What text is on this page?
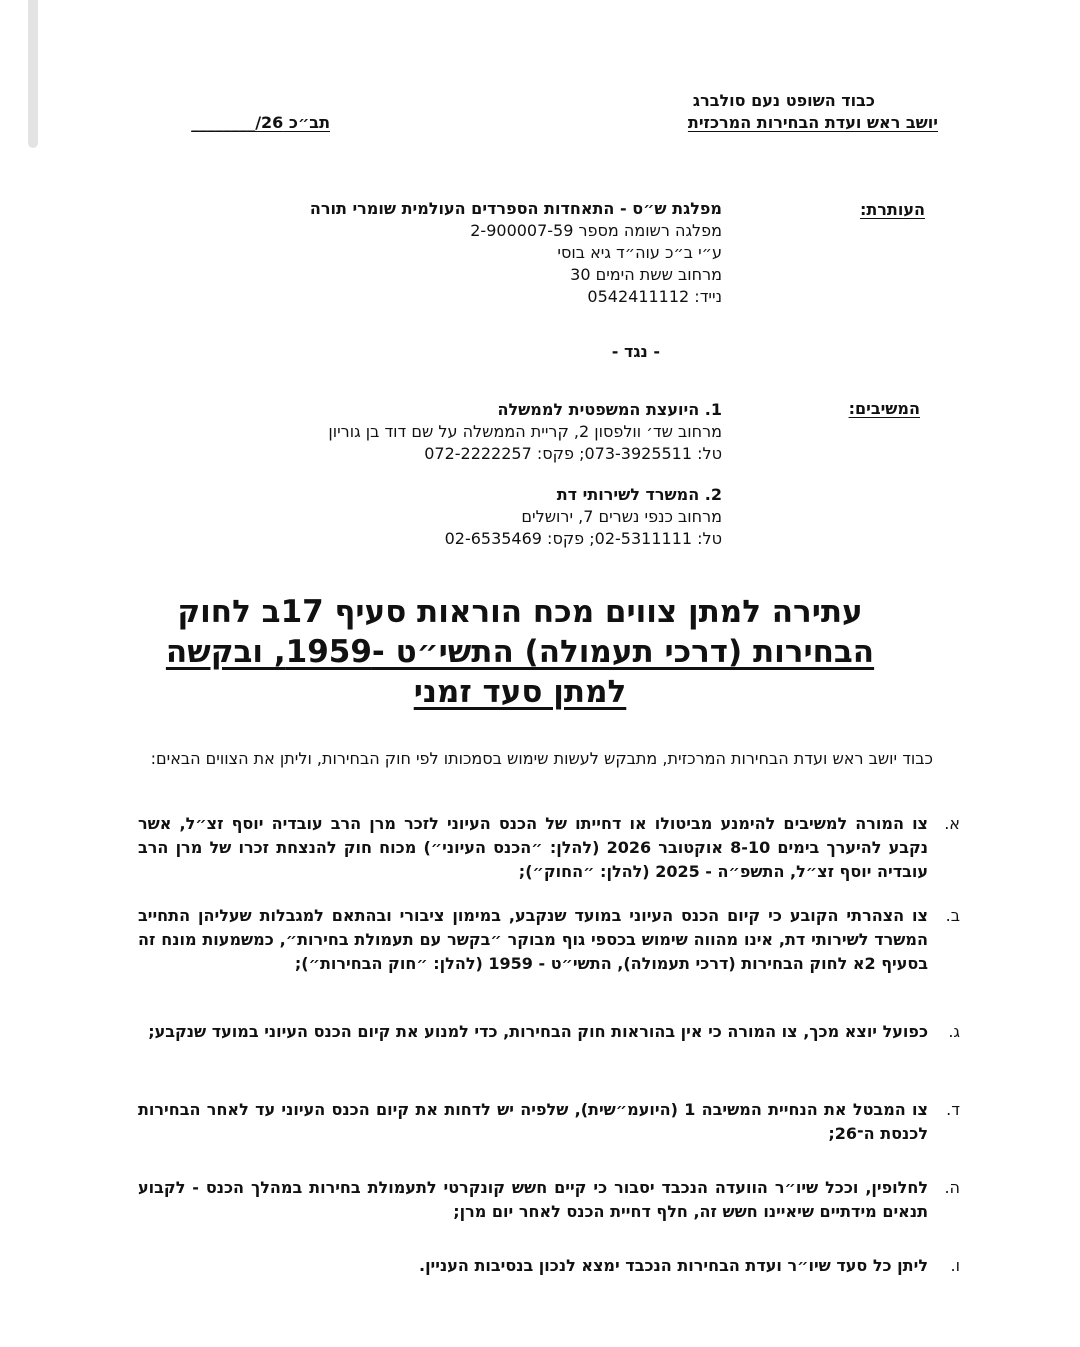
כבוד השופט נעם סולברג
יושב ראש ועדת הבחירות המרכזית
תב״כ 26/________
העותרת:
מפלגת ש״ס - התאחדות הספרדים העולמית שומרי תורה
מפלגה רשומה מספר 2-900007-59
ע״י ב״כ עוה״ד גיא בוסי
מרחוב ששת הימים 30
נייד: 0542411112
- נגד -
המשיבים:
1. היועצת המשפטית לממשלה
מרחוב שד׳ וולפסון 2, קריית הממשלה על שם דוד בן גוריון
טל: 073-3925511; פקס: 072-2222257
2. המשרד לשירותי דת
מרחוב כנפי נשרים 7, ירושלים
טל: 02-5311111; פקס: 02-6535469
עתירה למתן צווים מכח הוראות סעיף 17ב לחוק
הבחירות (דרכי תעמולה) התשי״ט -1959, ובקשה
למתן סעד זמני
כבוד יושב ראש ועדת הבחירות המרכזית, מתבקש לעשות שימוש בסמכותו לפי חוק הבחירות, וליתן את הצווים הבאים:
א.
צו המורה למשיבים להימנע מביטולו או דחייתו של הכנס העיוני לזכר מרן הרב עובדיה יוסף זצ״ל, אשר נקבע להיערך בימים 8-10 אוקטובר 2026 (להלן: ״הכנס העיוני״) מכוח חוק להנצחת זכרו של מרן הרב עובדיה יוסף זצ״ל, התשפ״ה - 2025 (להלן: ״החוק״);
ב.
צו הצהרתי הקובע כי קיום הכנס העיוני במועד שנקבע, במימון ציבורי ובהתאם למגבלות שעליהן התחייב המשרד לשירותי דת, אינו מהווה שימוש בכספי גוף מבוקר ״בקשר עם תעמולת בחירות״, כמשמעות מונח זה בסעיף 2א לחוק הבחירות (דרכי תעמולה), התשי״ט - 1959 (להלן: ״חוק הבחירות״);
ג.
כפועל יוצא מכך, צו המורה כי אין בהוראות חוק הבחירות, כדי למנוע את קיום הכנס העיוני במועד שנקבע;
ד.
צו המבטל את הנחיית המשיבה 1 (היועמ״שית), שלפיה יש לדחות את קיום הכנס העיוני עד לאחר הבחירות לכנסת ה־26;
ה.
לחלופין, וככל שיו״ר הוועדה הנכבד יסבור כי קיים חשש קונקרטי לתעמולת בחירות במהלך הכנס - לקבוע תנאים מידתיים שיאיינו חשש זה, חלף דחיית הכנס לאחר יום מרן;
ו.
ליתן כל סעד שיו״ר ועדת הבחירות הנכבד ימצא לנכון בנסיבות העניין.
